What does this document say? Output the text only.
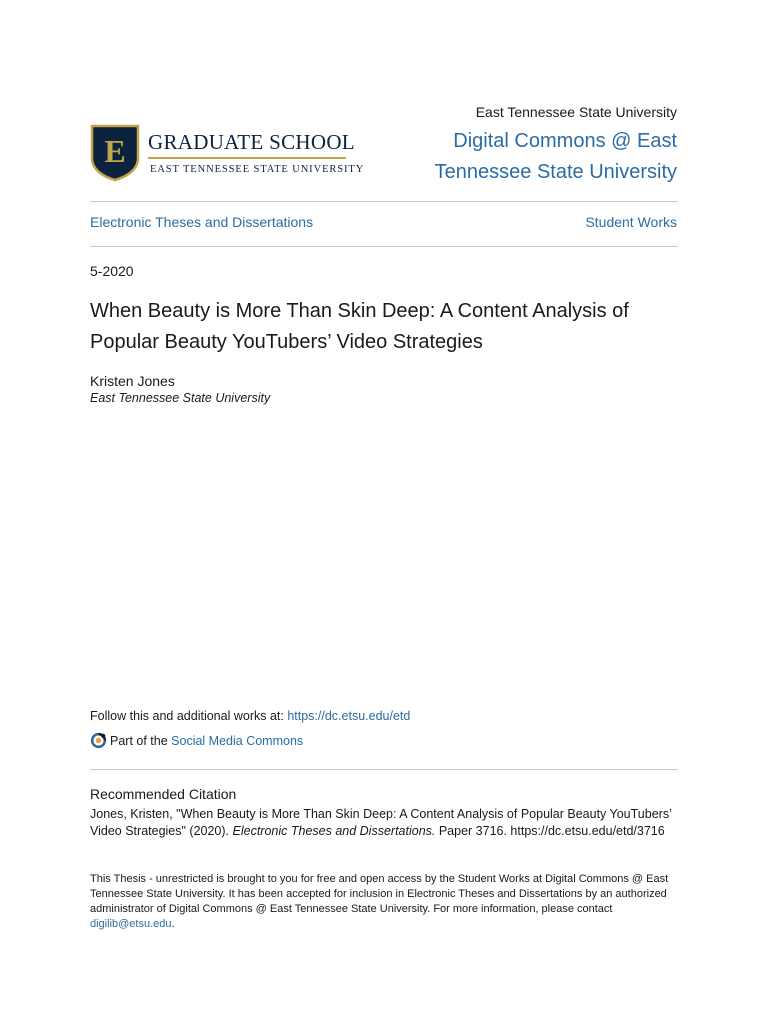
E GRADUATE SCHOOL
EAST TENNESSEE STATE UNIVERSITY
East Tennessee State University
Digital Commons @ East Tennessee State University
Electronic Theses and Dissertations	Student Works
5-2020
When Beauty is More Than Skin Deep: A Content Analysis of Popular Beauty YouTubers’ Video Strategies
Kristen Jones
East Tennessee State University
Follow this and additional works at: https://dc.etsu.edu/etd
Part of the Social Media Commons
Recommended Citation
Jones, Kristen, "When Beauty is More Than Skin Deep: A Content Analysis of Popular Beauty YouTubers’ Video Strategies" (2020). Electronic Theses and Dissertations. Paper 3716. https://dc.etsu.edu/etd/3716
This Thesis - unrestricted is brought to you for free and open access by the Student Works at Digital Commons @ East Tennessee State University. It has been accepted for inclusion in Electronic Theses and Dissertations by an authorized administrator of Digital Commons @ East Tennessee State University. For more information, please contact digilib@etsu.edu.
